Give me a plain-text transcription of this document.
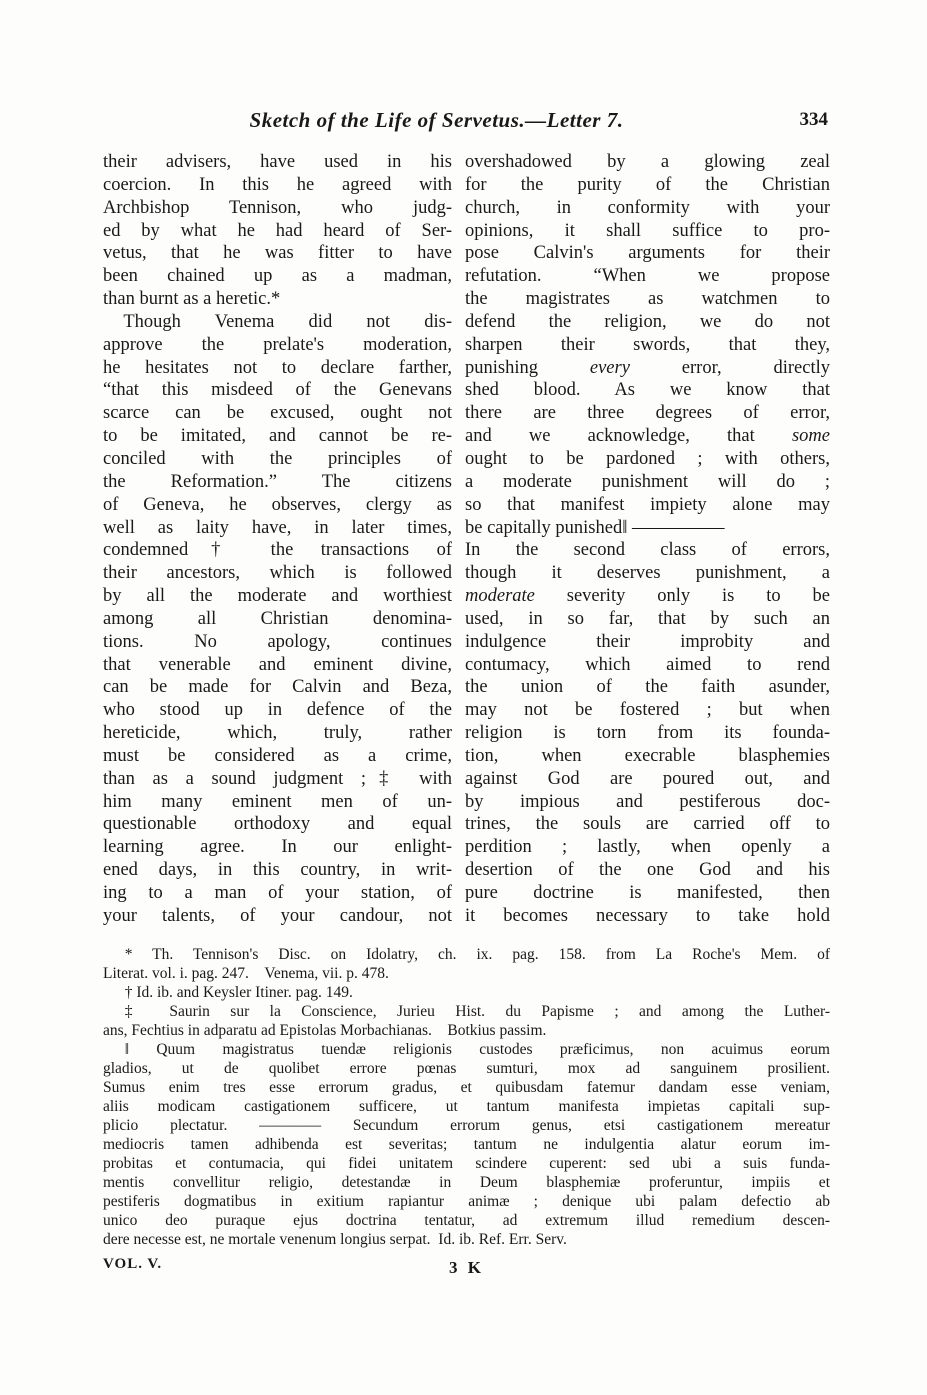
Sketch of the Life of Servetus.—Letter 7.	334
their advisers, have used in his
coercion. In this he agreed with
Archbishop Tennison, who judg-
ed by what he had heard of Ser-
vetus, that he was fitter to have
been chained up as a madman,
than burnt as a heretic.*
Though Venema did not dis-
approve the prelate's moderation,
he hesitates not to declare farther,
“that this misdeed of the Genevans
scarce can be excused, ought not
to be imitated, and cannot be re-
conciled with the principles of
the Reformation.” The citizens
of Geneva, he observes, clergy as
well as laity have, in later times,
condemned† the transactions of
their ancestors, which is followed
by all the moderate and worthiest
among all Christian denomina-
tions. No apology, continues
that venerable and eminent divine,
can be made for Calvin and Beza,
who stood up in defence of the
hereticide, which, truly, rather
must be considered as a crime,
than as a sound judgment ;‡ with
him many eminent men of un-
questionable orthodoxy and equal
learning agree. In our enlight-
ened days, in this country, in writ-
ing to a man of your station, of
your talents, of your candour, not
overshadowed by a glowing zeal
for the purity of the Christian
church, in conformity with your
opinions, it shall suffice to pro-
pose Calvin's arguments for their
refutation. “When we propose
the magistrates as watchmen to
defend the religion, we do not
sharpen their swords, that they,
punishing every error, directly
shed blood. As we know that
there are three degrees of error,
and we acknowledge, that some
ought to be pardoned ; with others,
a moderate punishment will do ;
so that manifest impiety alone may
be capitally punished‖ —————
In the second class of errors,
though it deserves punishment, a
moderate severity only is to be
used, in so far, that by such an
indulgence their improbity and
contumacy, which aimed to rend
the union of the faith asunder,
may not be fostered ; but when
religion is torn from its founda-
tion, when execrable blasphemies
against God are poured out, and
by impious and pestiferous doc-
trines, the souls are carried off to
perdition ; lastly, when openly a
desertion of the one God and his
pure doctrine is manifested, then
it becomes necessary to take hold
* Th. Tennison's Disc. on Idolatry, ch. ix. pag. 158. from La Roche's Mem. of
Literat. vol. i. pag. 247. Venema, vii. p. 478.
† Id. ib. and Keysler Itiner. pag. 149.
‡ Saurin sur la Conscience, Jurieu Hist. du Papisme ; and among the Luther-
ans, Fechtius in adparatu ad Epistolas Morbachianas. Botkius passim.
‖ Quum magistratus tuendæ religionis custodes præficimus, non acuimus eorum
gladios, ut de quolibet errore pœnas sumturi, mox ad sanguinem prosilient.
Sumus enim tres esse errorum gradus, et quibusdam fatemur dandam esse veniam,
aliis modicam castigationem sufficere, ut tantum manifesta impietas capitali sup-
plicio plectatur. ———— Secundum errorum genus, etsi castigationem mereatur
mediocris tamen adhibenda est severitas; tantum ne indulgentia alatur eorum im-
probitas et contumacia, qui fidei unitatem scindere cuperent: sed ubi a suis funda-
mentis convellitur religio, detestandæ in Deum blasphemiæ proferuntur, impiis et
pestiferis dogmatibus in exitium rapiantur animæ ; denique ubi palam defectio ab
unico deo puraque ejus doctrina tentatur, ad extremum illud remedium descen-
dere necesse est, ne mortale venenum longius serpat. Id. ib. Ref. Err. Serv.
VOL. V.	3 K
